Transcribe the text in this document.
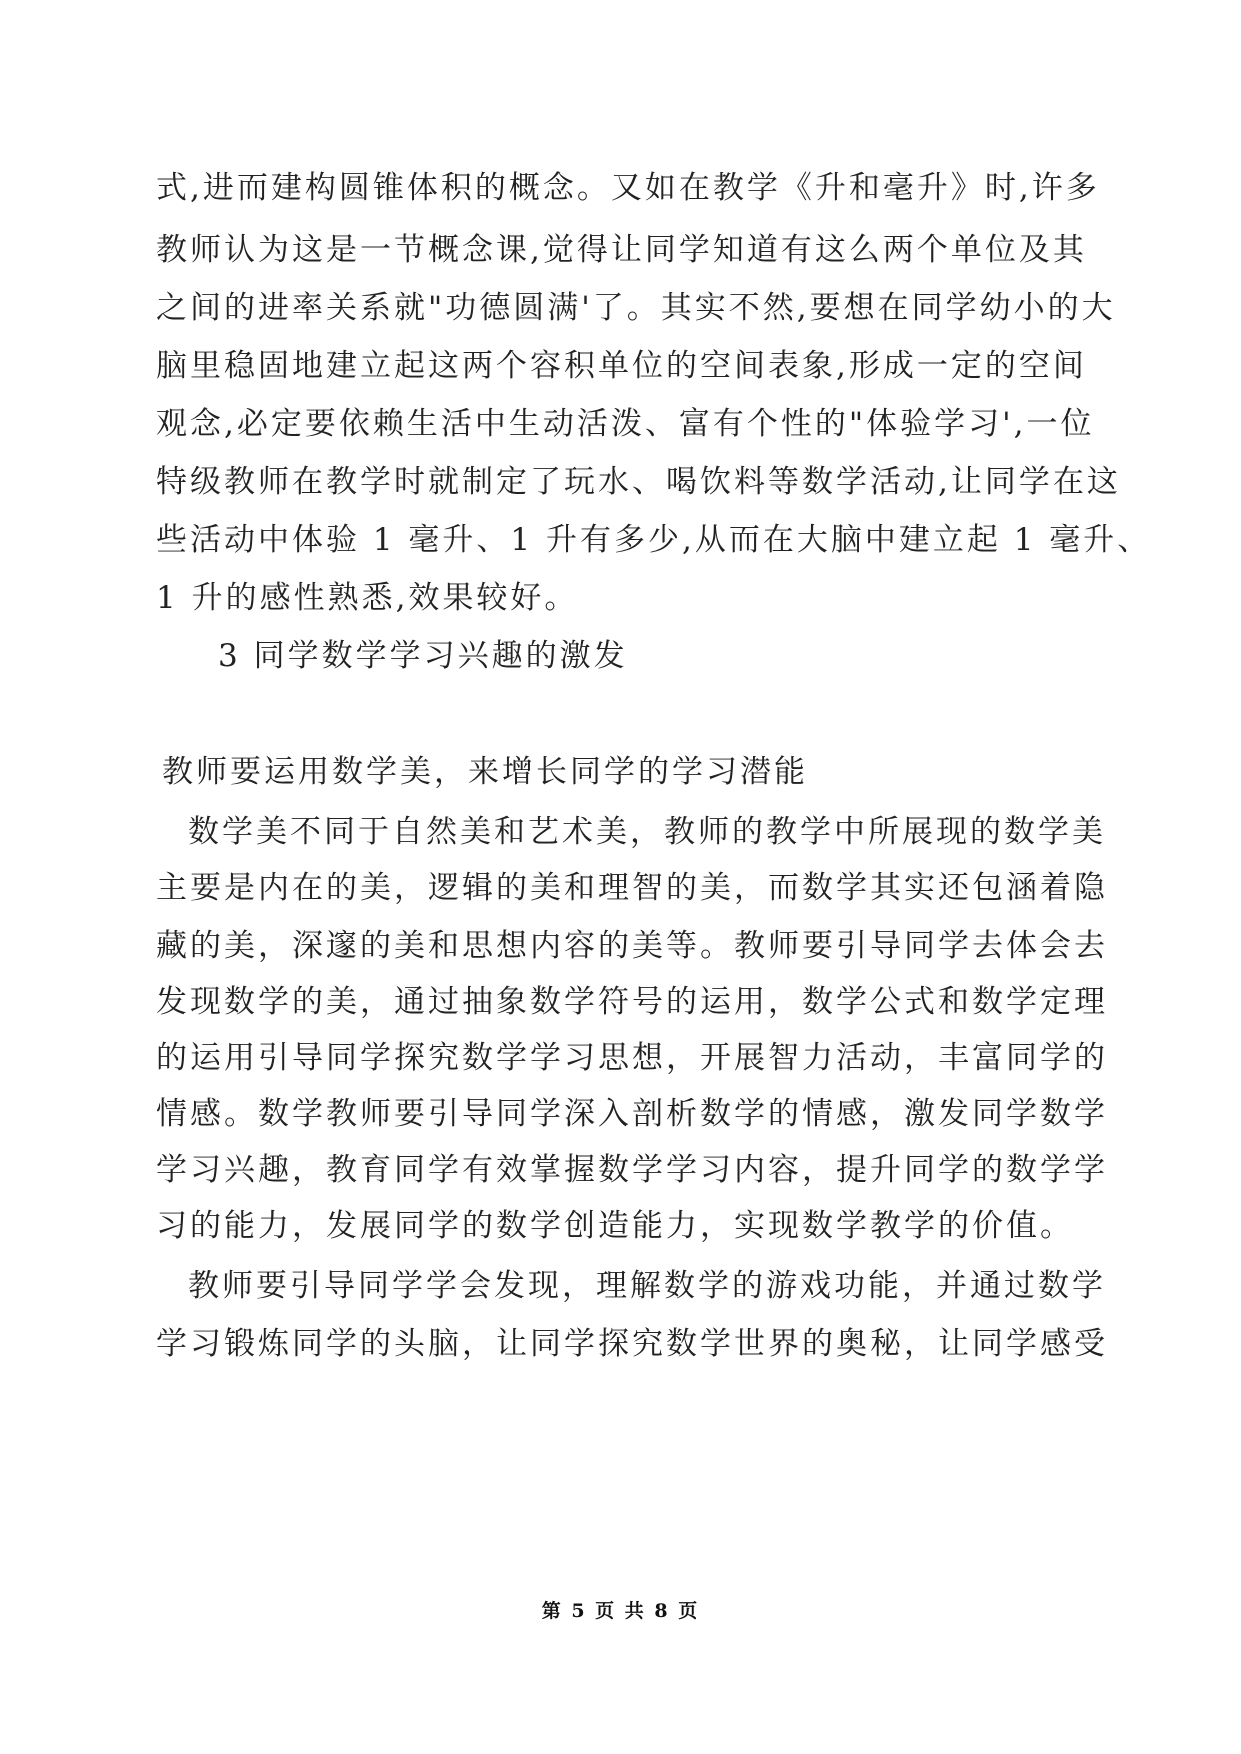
式,进而建构圆锥体积的概念。又如在教学《升和毫升》时,许多
教师认为这是一节概念课,觉得让同学知道有这么两个单位及其
之间的进率关系就"功德圆满'了。其实不然,要想在同学幼小的大
脑里稳固地建立起这两个容积单位的空间表象,形成一定的空间
观念,必定要依赖生活中生动活泼、富有个性的"体验学习',一位
特级教师在教学时就制定了玩水、喝饮料等数学活动,让同学在这
些活动中体验 1 毫升、1 升有多少,从而在大脑中建立起 1 毫升、
1 升的感性熟悉,效果较好。
3 同学数学学习兴趣的激发
教师要运用数学美，来增长同学的学习潜能
数学美不同于自然美和艺术美，教师的教学中所展现的数学美
主要是内在的美，逻辑的美和理智的美，而数学其实还包涵着隐
藏的美，深邃的美和思想内容的美等。教师要引导同学去体会去
发现数学的美，通过抽象数学符号的运用，数学公式和数学定理
的运用引导同学探究数学学习思想，开展智力活动，丰富同学的
情感。数学教师要引导同学深入剖析数学的情感，激发同学数学
学习兴趣，教育同学有效掌握数学学习内容，提升同学的数学学
习的能力，发展同学的数学创造能力，实现数学教学的价值。
教师要引导同学学会发现，理解数学的游戏功能，并通过数学
学习锻炼同学的头脑，让同学探究数学世界的奥秘，让同学感受
第 5 页 共 8 页
